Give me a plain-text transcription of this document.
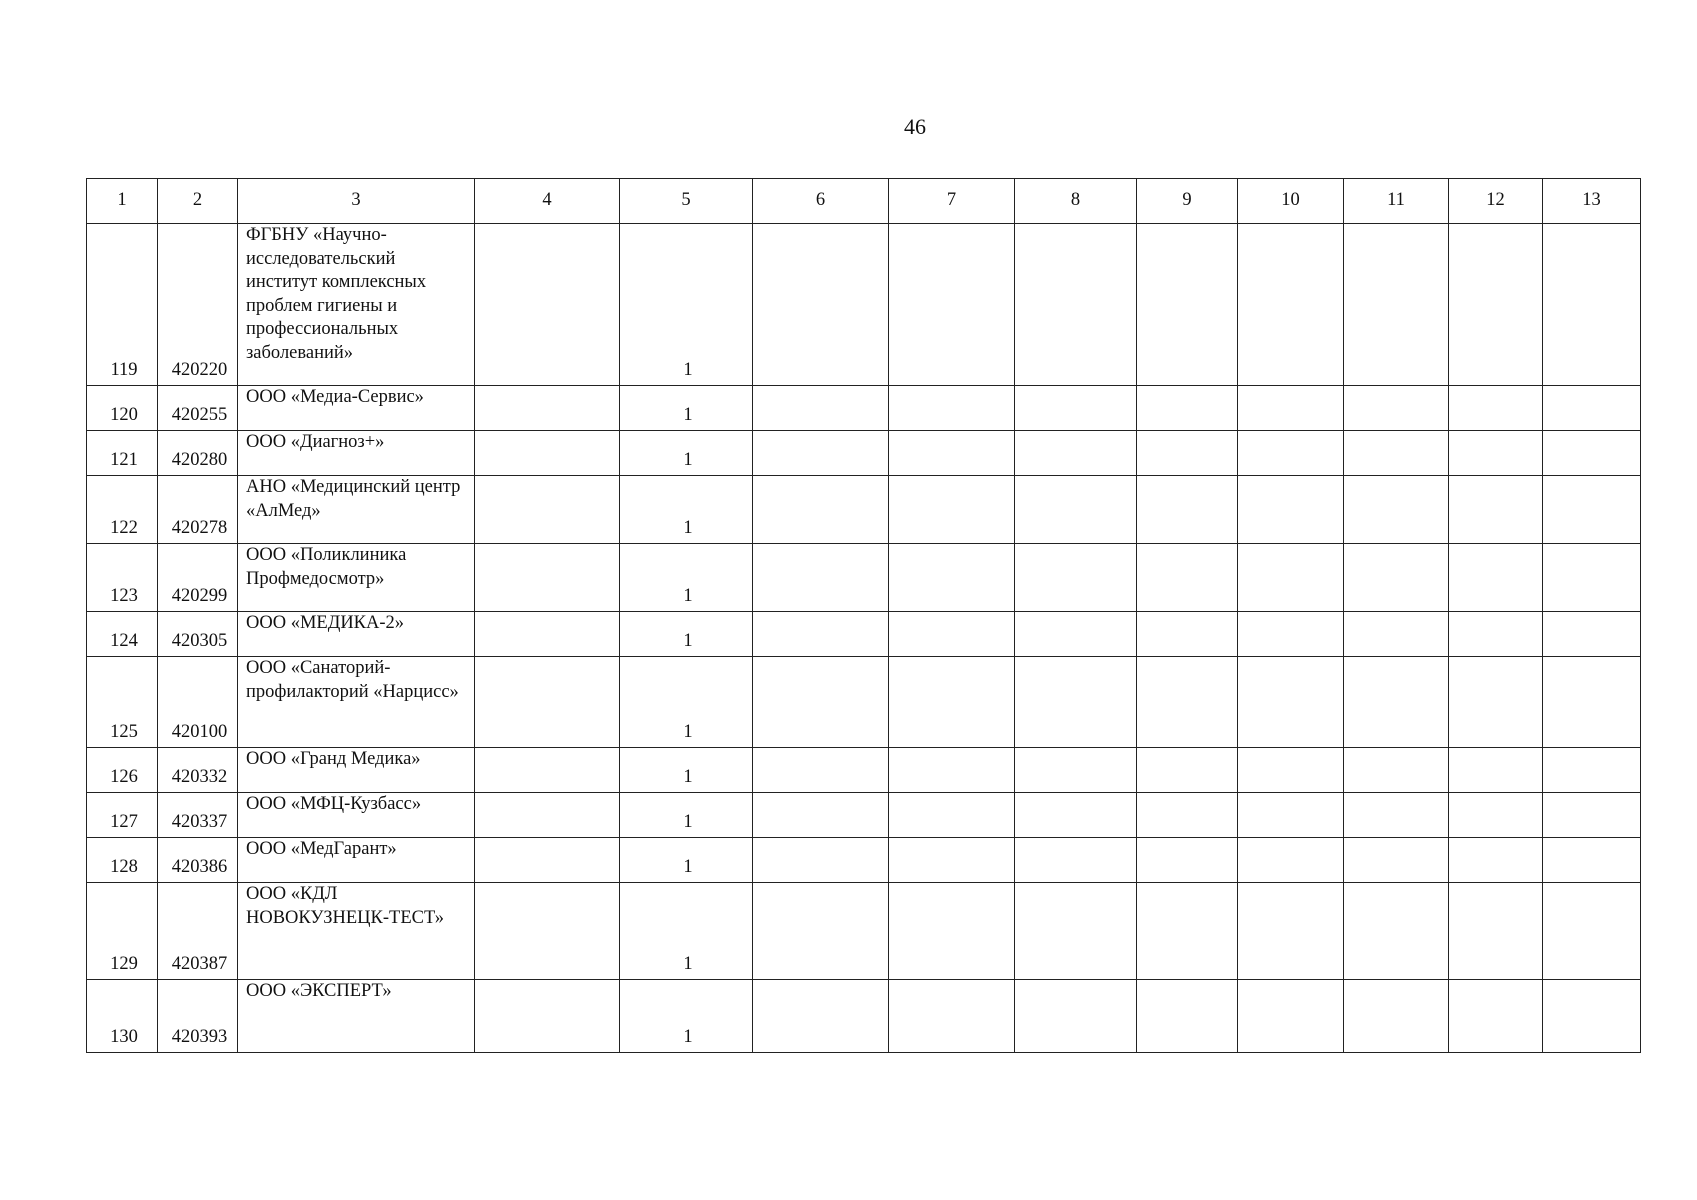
46
1	2	3	4	5	6	7	8	9	10	11	12	13
119	420220	ФГБНУ «Научно-исследовательский институт комплексных проблем гигиены и профессиональных заболеваний»		1								
120	420255	ООО «Медиа-Сервис»		1								
121	420280	ООО «Диагноз+»		1								
122	420278	АНО «Медицинский центр «АлМед»		1								
123	420299	ООО «Поликлиника Профмедосмотр»		1								
124	420305	ООО «МЕДИКА-2»		1								
125	420100	ООО «Санаторий-профилакторий «Нарцисс»		1								
126	420332	ООО «Гранд Медика»		1								
127	420337	ООО «МФЦ-Кузбасс»		1								
128	420386	ООО «МедГарант»		1								
129	420387	ООО «КДЛ НОВОКУЗНЕЦК-ТЕСТ»		1								
130	420393	ООО «ЭКСПЕРТ»		1								
